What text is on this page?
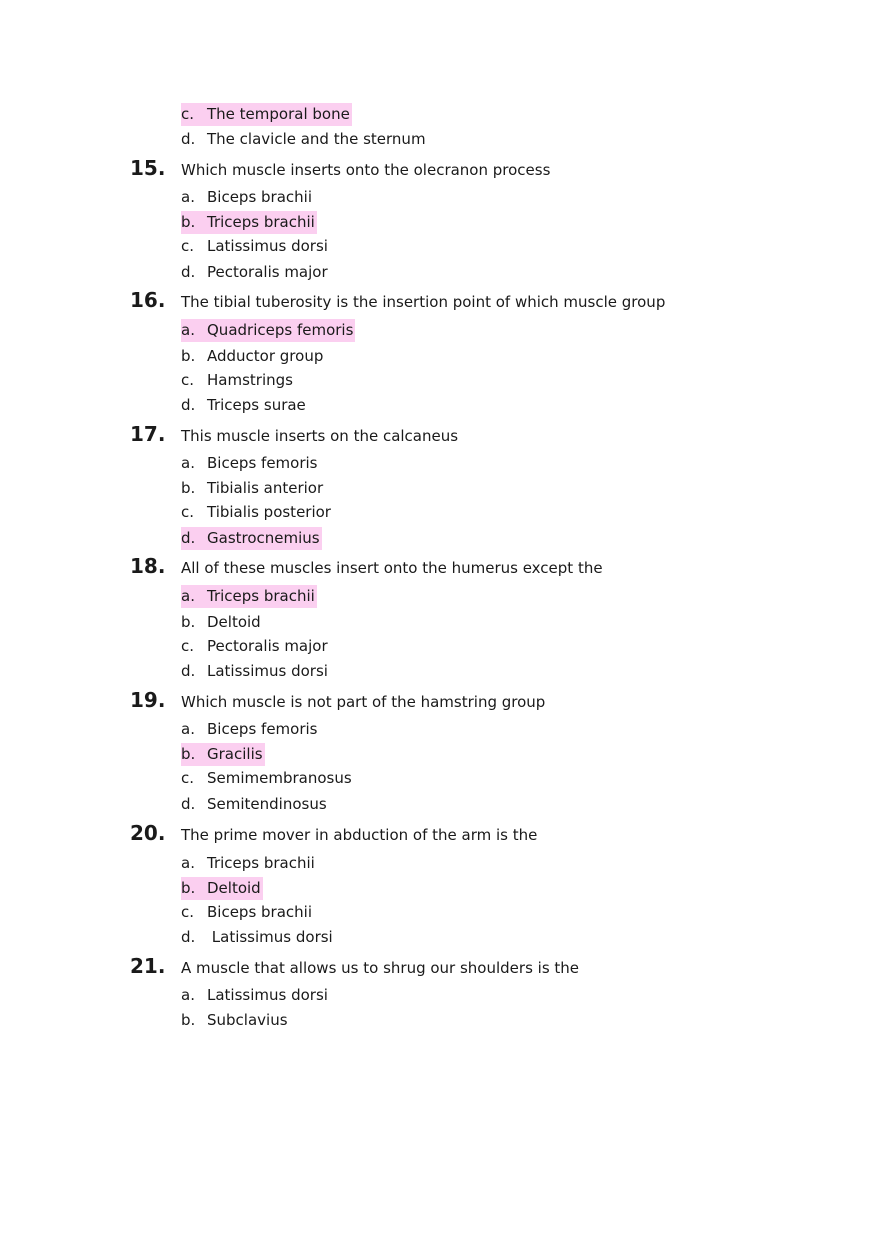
c. The temporal bone
d. The clavicle and the sternum
15. Which muscle inserts onto the olecranon process
a. Biceps brachii
b. Triceps brachii
c. Latissimus dorsi
d. Pectoralis major
16. The tibial tuberosity is the insertion point of which muscle group
a. Quadriceps femoris
b. Adductor group
c. Hamstrings
d. Triceps surae
17. This muscle inserts on the calcaneus
a. Biceps femoris
b. Tibialis anterior
c. Tibialis posterior
d. Gastrocnemius
18. All of these muscles insert onto the humerus except the
a. Triceps brachii
b. Deltoid
c. Pectoralis major
d. Latissimus dorsi
19. Which muscle is not part of the hamstring group
a. Biceps femoris
b. Gracilis
c. Semimembranosus
d. Semitendinosus
20. The prime mover in abduction of the arm is the
a. Triceps brachii
b. Deltoid
c. Biceps brachii
d. Latissimus dorsi
21. A muscle that allows us to shrug our shoulders is the
a. Latissimus dorsi
b. Subclavius
